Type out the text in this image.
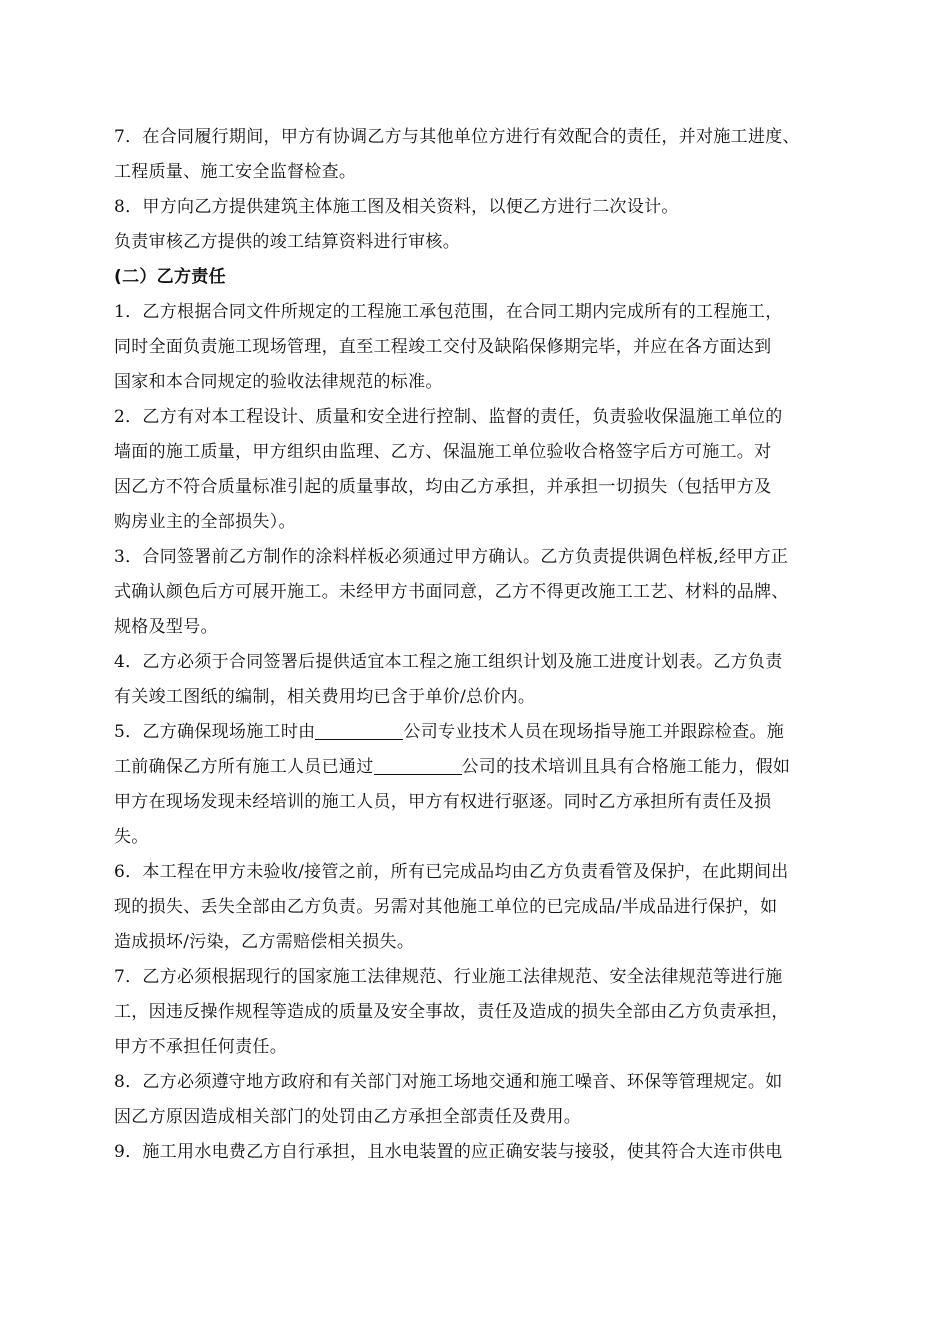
7．在合同履行期间，甲方有协调乙方与其他单位方进行有效配合的责任，并对施工进度、
工程质量、施工安全监督检查。
8．甲方向乙方提供建筑主体施工图及相关资料，以便乙方进行二次设计。
负责审核乙方提供的竣工结算资料进行审核。
(二）乙方责任
1．乙方根据合同文件所规定的工程施工承包范围，在合同工期内完成所有的工程施工，
同时全面负责施工现场管理，直至工程竣工交付及缺陷保修期完毕，并应在各方面达到
国家和本合同规定的验收法律规范的标准。
2．乙方有对本工程设计、质量和安全进行控制、监督的责任，负责验收保温施工单位的
墙面的施工质量，甲方组织由监理、乙方、保温施工单位验收合格签字后方可施工。对
因乙方不符合质量标准引起的质量事故，均由乙方承担，并承担一切损失（包括甲方及
购房业主的全部损失）。
3．合同签署前乙方制作的涂料样板必须通过甲方确认。乙方负责提供调色样板,经甲方正
式确认颜色后方可展开施工。未经甲方书面同意，乙方不得更改施工工艺、材料的品牌、
规格及型号。
4．乙方必须于合同签署后提供适宜本工程之施工组织计划及施工进度计划表。乙方负责
有关竣工图纸的编制，相关费用均已含于单价/总价内。
5．乙方确保现场施工时由	公司专业技术人员在现场指导施工并跟踪检查。施
工前确保乙方所有施工人员已通过	公司的技术培训且具有合格施工能力，假如
甲方在现场发现未经培训的施工人员，甲方有权进行驱逐。同时乙方承担所有责任及损
失。
6．本工程在甲方未验收/接管之前，所有已完成品均由乙方负责看管及保护，在此期间出
现的损失、丢失全部由乙方负责。另需对其他施工单位的已完成品/半成品进行保护，如
造成损坏/污染，乙方需赔偿相关损失。
7．乙方必须根据现行的国家施工法律规范、行业施工法律规范、安全法律规范等进行施
工，因违反操作规程等造成的质量及安全事故，责任及造成的损失全部由乙方负责承担，
甲方不承担任何责任。
8．乙方必须遵守地方政府和有关部门对施工场地交通和施工噪音、环保等管理规定。如
因乙方原因造成相关部门的处罚由乙方承担全部责任及费用。
9．施工用水电费乙方自行承担，且水电装置的应正确安装与接驳，使其符合大连市供电
